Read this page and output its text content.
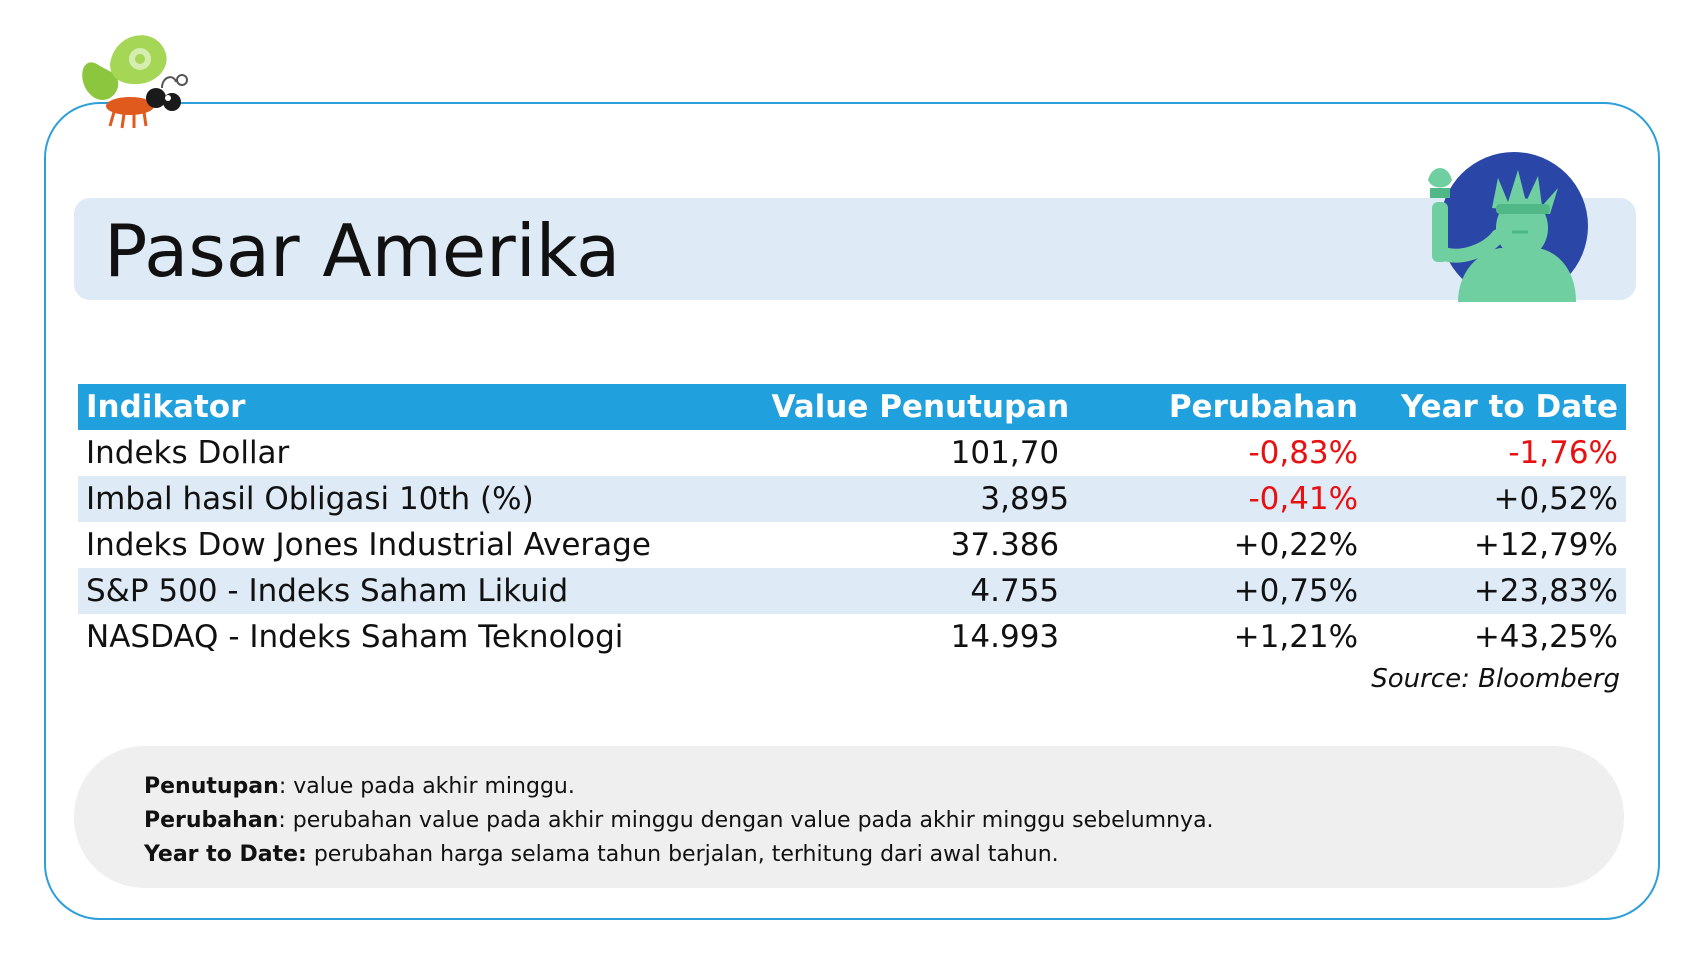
Pasar Amerika
Indikator	Value Penutupan	Perubahan	Year to Date
Indeks Dollar	101,70	-0,83%	-1,76%
Imbal hasil Obligasi 10th (%)	3,895	-0,41%	+0,52%
Indeks Dow Jones Industrial Average	37.386	+0,22%	+12,79%
S&P 500 - Indeks Saham Likuid	4.755	+0,75%	+23,83%
NASDAQ - Indeks Saham Teknologi	14.993	+1,21%	+43,25%
Source: Bloomberg

Penutupan: value pada akhir minggu.

Perubahan: perubahan value pada akhir minggu dengan value pada akhir minggu sebelumnya.

Year to Date: perubahan harga selama tahun berjalan, terhitung dari awal tahun.
